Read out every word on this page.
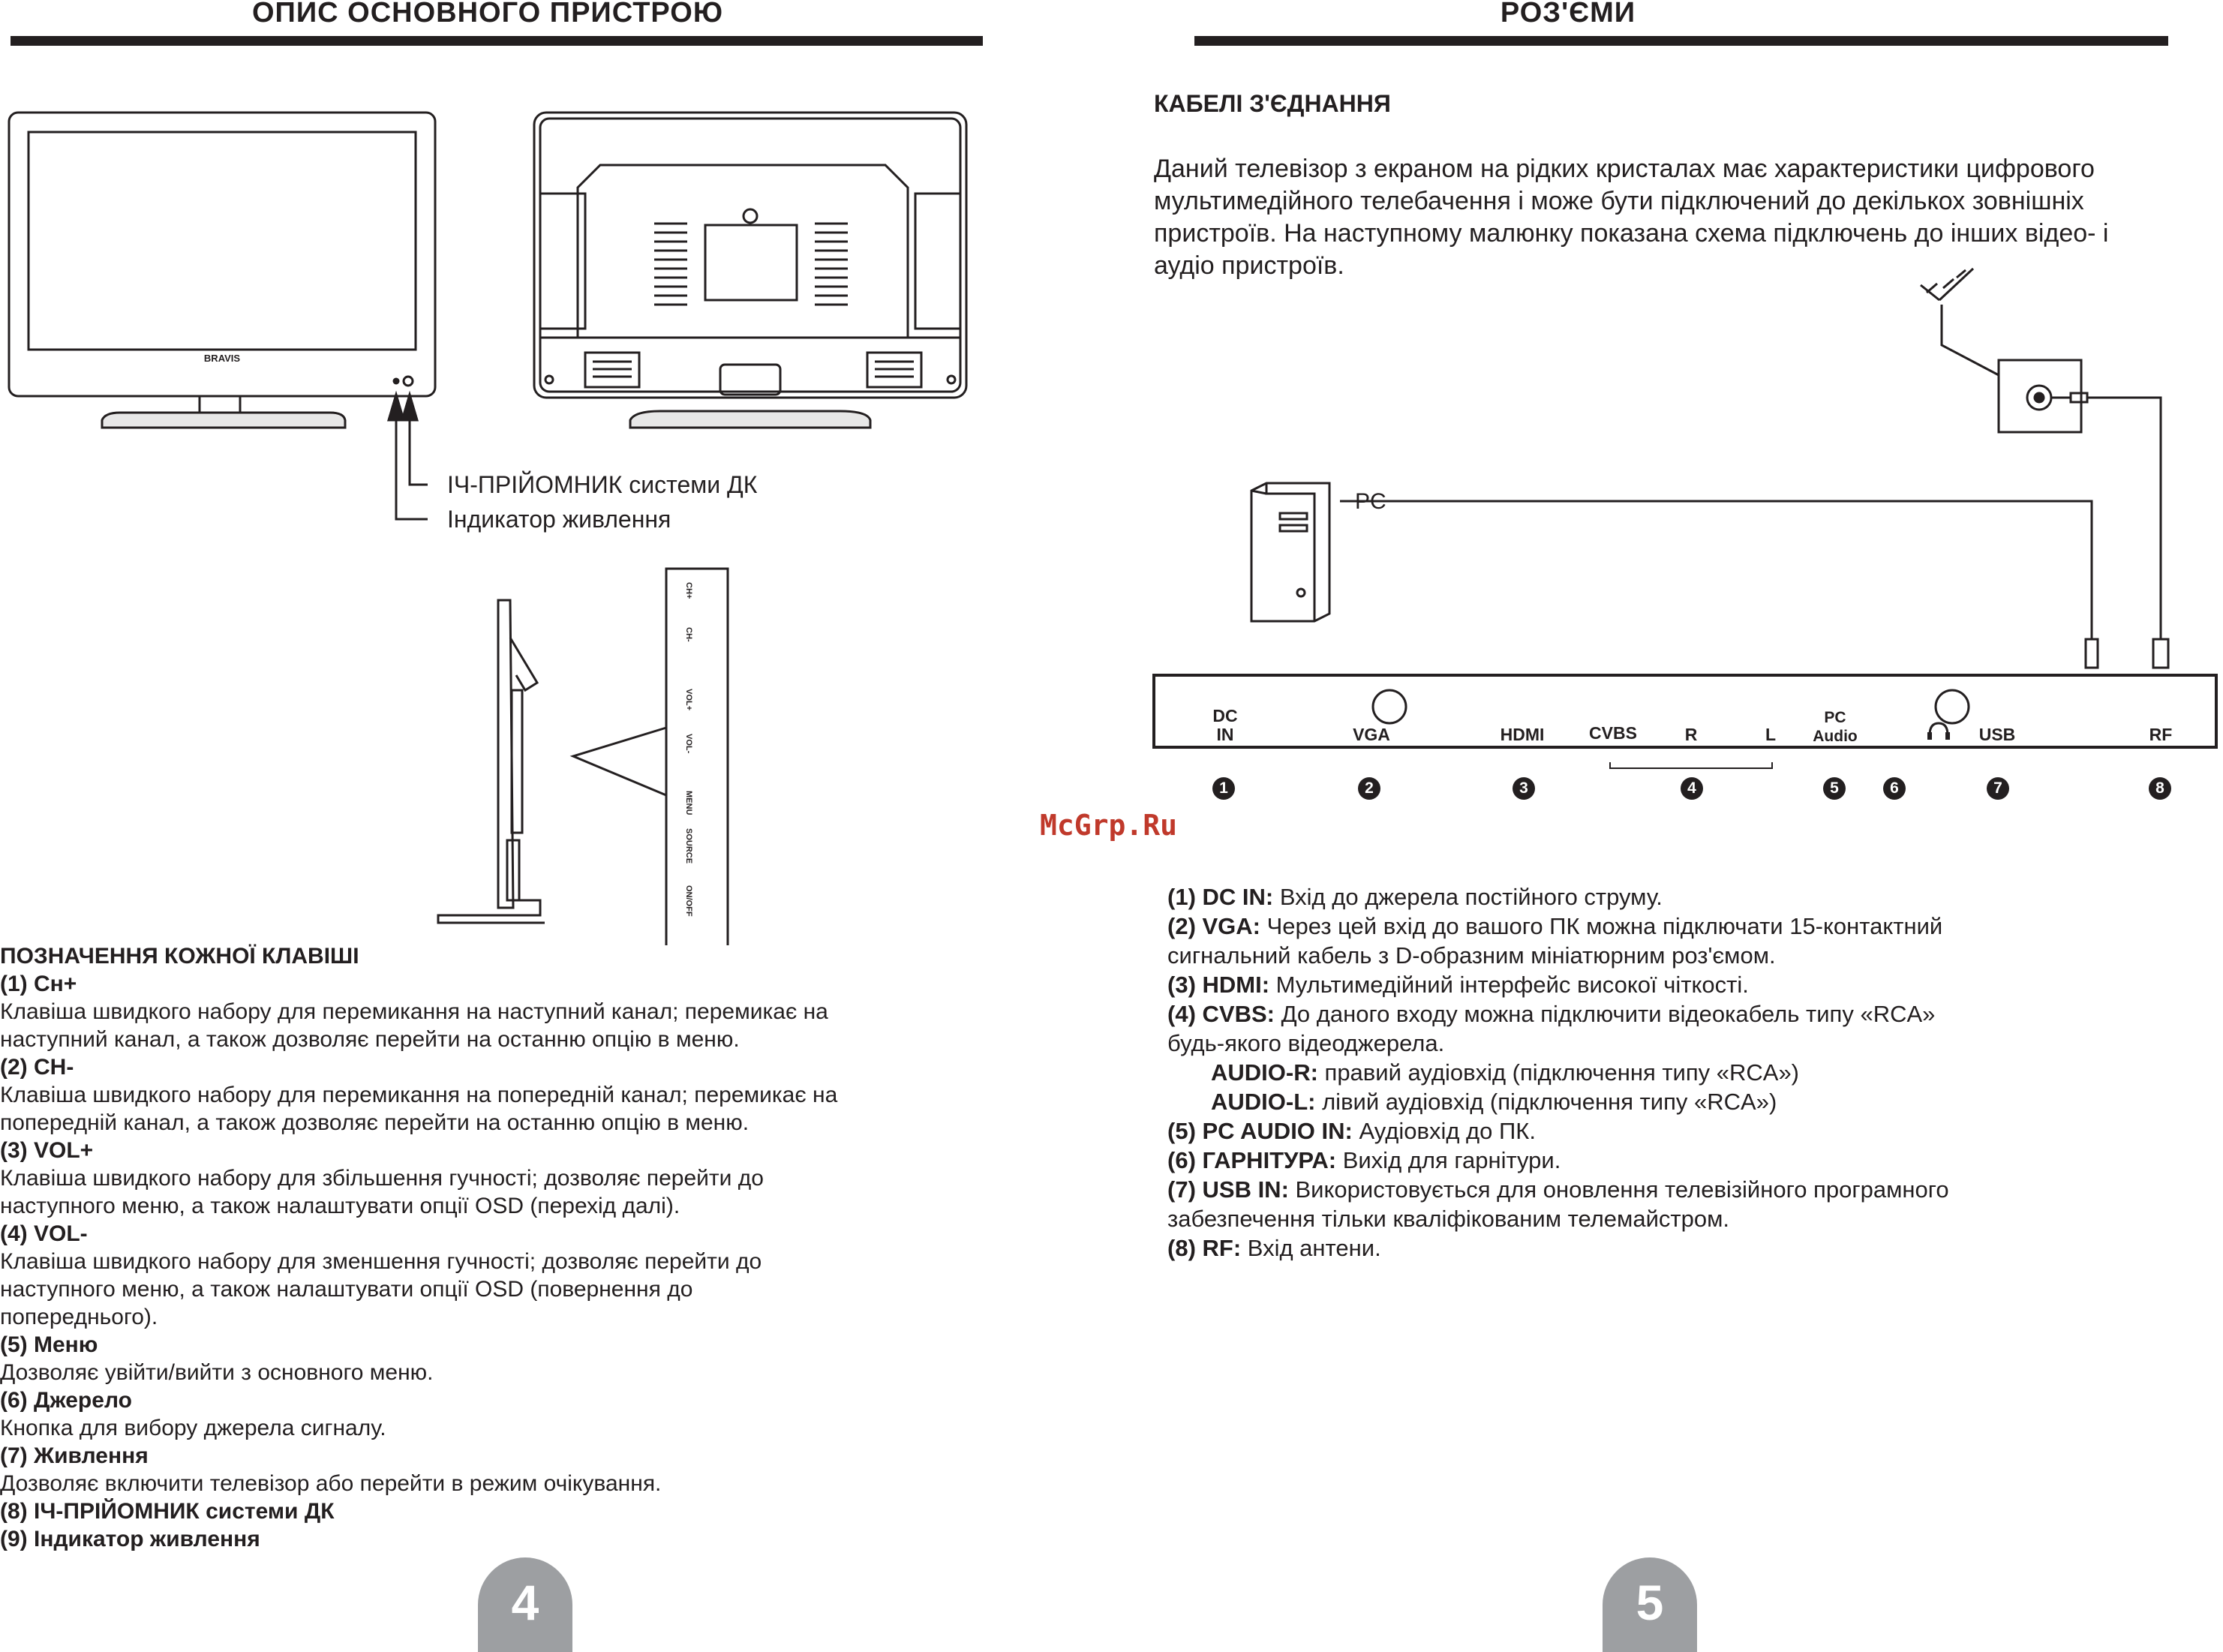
ОПИС ОСНОВНОГО ПРИСТРОЮ
BRAVIS
CH+
CH-
VOL+
VOL-
MENU
SOURCE
ON/OFF
ІЧ-ПРІЙОМНИК системи ДК
Індикатор живлення
ПОЗНАЧЕННЯ КОЖНОЇ КЛАВІШІ
(1) Сн+
Клавіша швидкого набору для перемикання на наступний канал; перемикає на
наступний канал, а також дозволяє перейти на останню опцію в меню.
(2) CH-
Клавіша швидкого набору для перемикання на попередній канал; перемикає на
попередній канал, а також дозволяє перейти на останню опцію в меню.
(3) VOL+
Клавіша швидкого набору для збільшення гучності; дозволяє перейти до
наступного меню, а також налаштувати опції OSD (перехід далі).
(4) VOL-
Клавіша швидкого набору для зменшення гучності; дозволяє перейти до
наступного меню, а також налаштувати опції OSD (повернення до
попереднього).
(5) Меню
Дозволяє увійти/вийти з основного меню.
(6) Джерело
Кнопка для вибору джерела сигналу.
(7) Живлення
Дозволяє включити телевізор або перейти в режим очікування.
(8) ІЧ-ПРІЙОМНИК системи ДК
(9) Індикатор живлення
4
РОЗ'ЄМИ
КАБЕЛІ З'ЄДНАННЯ
Даний телевізор з екраном на рідких кристалах має характеристики цифрового
мультимедійного телебачення і може бути підключений до декількох зовнішніх
пристроїв. На наступному малюнку показана схема підключень до інших відео- і
аудіо пристроїв.
PC
DC
IN	VGA	HDMI	CVBS	R	L
PC
Audio	USB	RF
1	2	3	4	5	6	7	8
McGrp.Ru
(1) DC IN: Вхід до джерела постійного струму.
(2) VGA: Через цей вхід до вашого ПК можна підключати 15-контактний
сигнальний кабель з D-образним мініатюрним роз'ємом.
(3) HDMI: Мультимедійний інтерфейс високої чіткості.
(4) CVBS: До даного входу можна підключити відеокабель типу «RCA»
будь-якого відеоджерела.
AUDIO-R: правий аудіовхід (підключення типу «RCA»)
AUDIO-L: лівий аудіовхід (підключення типу «RCA»)
(5) PC AUDIO IN: Аудіовхід до ПК.
(6) ГАРНІТУРА: Вихід для гарнітури.
(7) USB IN: Використовується для оновлення телевізійного програмного
забезпечення тільки кваліфікованим телемайстром.
(8) RF: Вхід антени.
5
